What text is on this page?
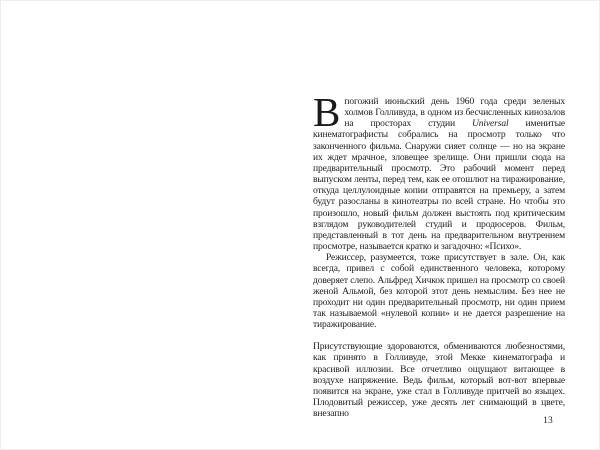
Впогожий июньский день 1960 года среди зеленых холмов Голливуда, в одном из бесчисленных кинозалов на просторах студии Universal именитые кинематографисты собрались на просмотр только что законченного фильма. Снаружи сияет солнце — но на экране их ждет мрачное, зловещее зрелище. Они пришли сюда на предварительный просмотр. Это рабочий момент перед выпуском ленты, перед тем, как ее отошлют на тиражирование, откуда целлулоидные копии отправятся на премьеру, а затем будут разосланы в кинотеатры по всей стране. Но чтобы это произошло, новый фильм должен выстоять под критическим взглядом руководителей студий и продюсеров. Фильм, представленный в тот день на предварительном внутреннем просмотре, называется кратко и загадочно: «Психо».

Режиссер, разумеется, тоже присутствует в зале. Он, как всегда, привел с собой единственного человека, которому доверяет слепо. Альфред Хичкок пришел на просмотр со своей женой Альмой, без которой этот день немыслим. Без нее не проходит ни один предварительный просмотр, ни один прием так называемой «нулевой копии» и не дается разрешение на тиражирование.

Присутствующие здороваются, обмениваются любезностями, как принято в Голливуде, этой Мекке кинематографа и красивой иллюзии. Все отчетливо ощущают витающее в воздухе напряжение. Ведь фильм, который вот-вот впервые появится на экране, уже стал в Голливуде притчей во языцех. Плодовитый режиссер, уже десять лет снимающий в цвете, внезапно

13
